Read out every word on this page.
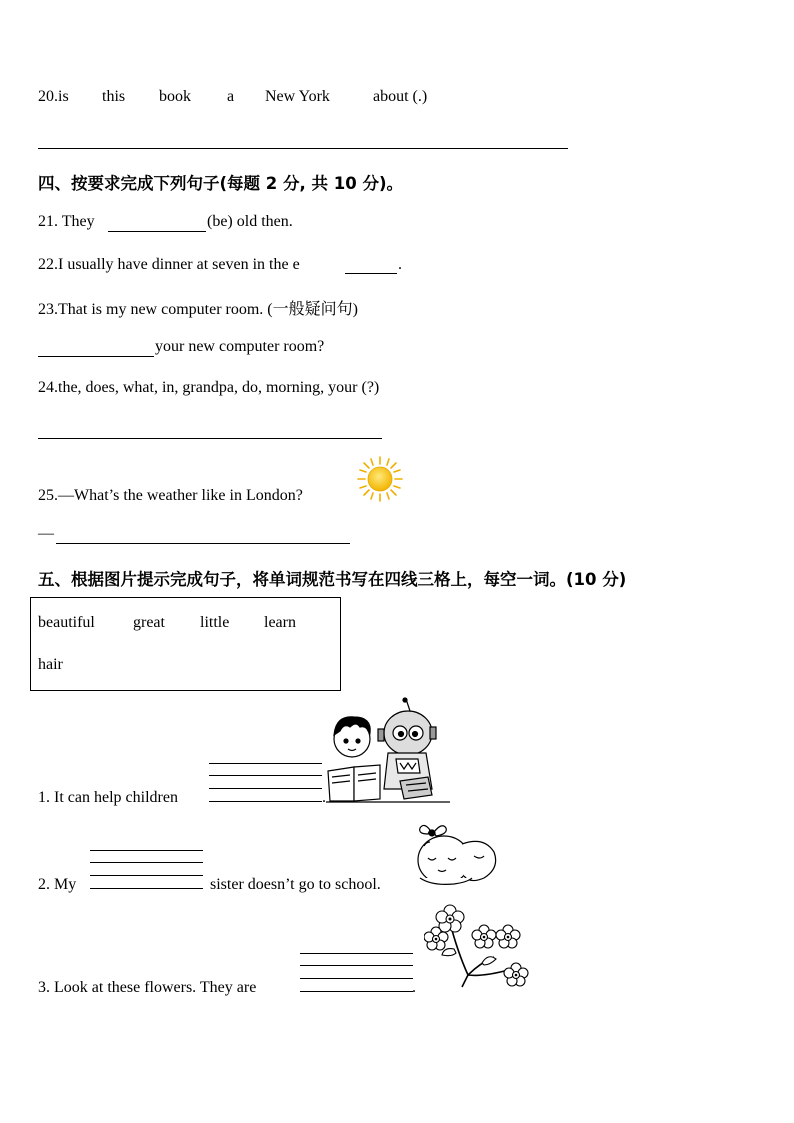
20.is this book a New York	about (.)
四、按要求完成下列句子(每题 2 分, 共 10 分)。
21. They	(be) old then.
22.I usually have dinner at seven in the e	.
23.That is my new computer room. (一般疑问句)
your new computer room?
24.the, does, what, in, grandpa, do, morning, your (?)
25.—What’s the weather like in London?
—
五、根据图片提示完成句子，将单词规范书写在四线三格上，每空一词。(10 分)
beautiful great little learn
hair
1. It can help children	.
2. My	sister doesn’t go to school.
3. Look at these flowers. They are	.
